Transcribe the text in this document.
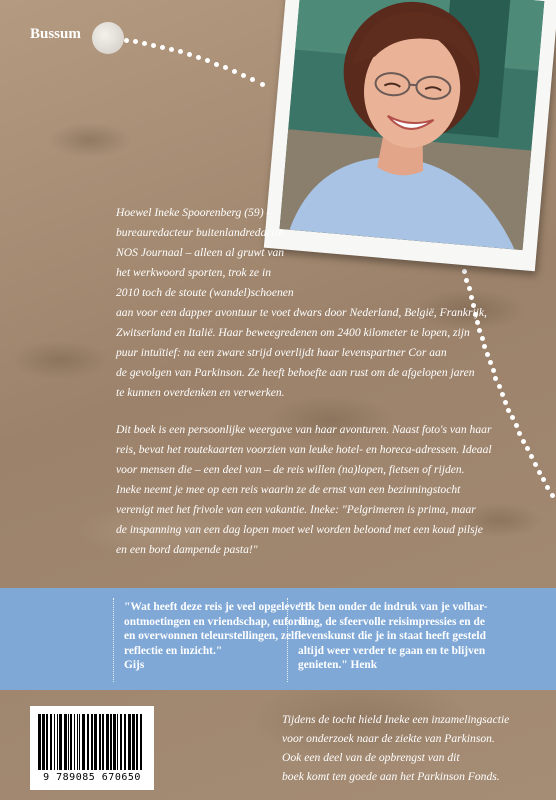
Bussum
Hoewel Ineke Spoorenberg (59) –
bureauredacteur buitenlandredactie
NOS Journaal – alleen al gruwt van
het werkwoord sporten, trok ze in
2010 toch de stoute (wandel)schoenen
aan voor een dapper avontuur te voet dwars door Nederland, België, Frankrijk,
Zwitserland en Italië. Haar beweegredenen om 2400 kilometer te lopen, zijn
puur intuïtief: na een zware strijd overlijdt haar levenspartner Cor aan
de gevolgen van Parkinson. Ze heeft behoefte aan rust om de afgelopen jaren
te kunnen overdenken en verwerken.
Dit boek is een persoonlijke weergave van haar avonturen. Naast foto's van haar
reis, bevat het routekaarten voorzien van leuke hotel- en horeca-adressen. Ideaal
voor mensen die – een deel van – de reis willen (na)lopen, fietsen of rijden.
Ineke neemt je mee op een reis waarin ze de ernst van een bezinningstocht
verenigt met het frivole van een vakantie. Ineke: "Pelgrimeren is prima, maar
de inspanning van een dag lopen moet wel worden beloond met een koud pilsje
en een bord dampende pasta!"
"Wat heeft deze reis je veel opgeleverd:
ontmoetingen en vriendschap, euforie
en overwonnen teleurstellingen, zelf-
reflectie en inzicht."
Gijs
"Ik ben onder de indruk van je volhar-
ding, de sfeervolle reisimpressies en de
levenskunst die je in staat heeft gesteld
altijd weer verder te gaan en te blijven
genieten." Henk
9 789085 670650
Tijdens de tocht hield Ineke een inzamelingsactie
voor onderzoek naar de ziekte van Parkinson.
Ook een deel van de opbrengst van dit
boek komt ten goede aan het Parkinson Fonds.
